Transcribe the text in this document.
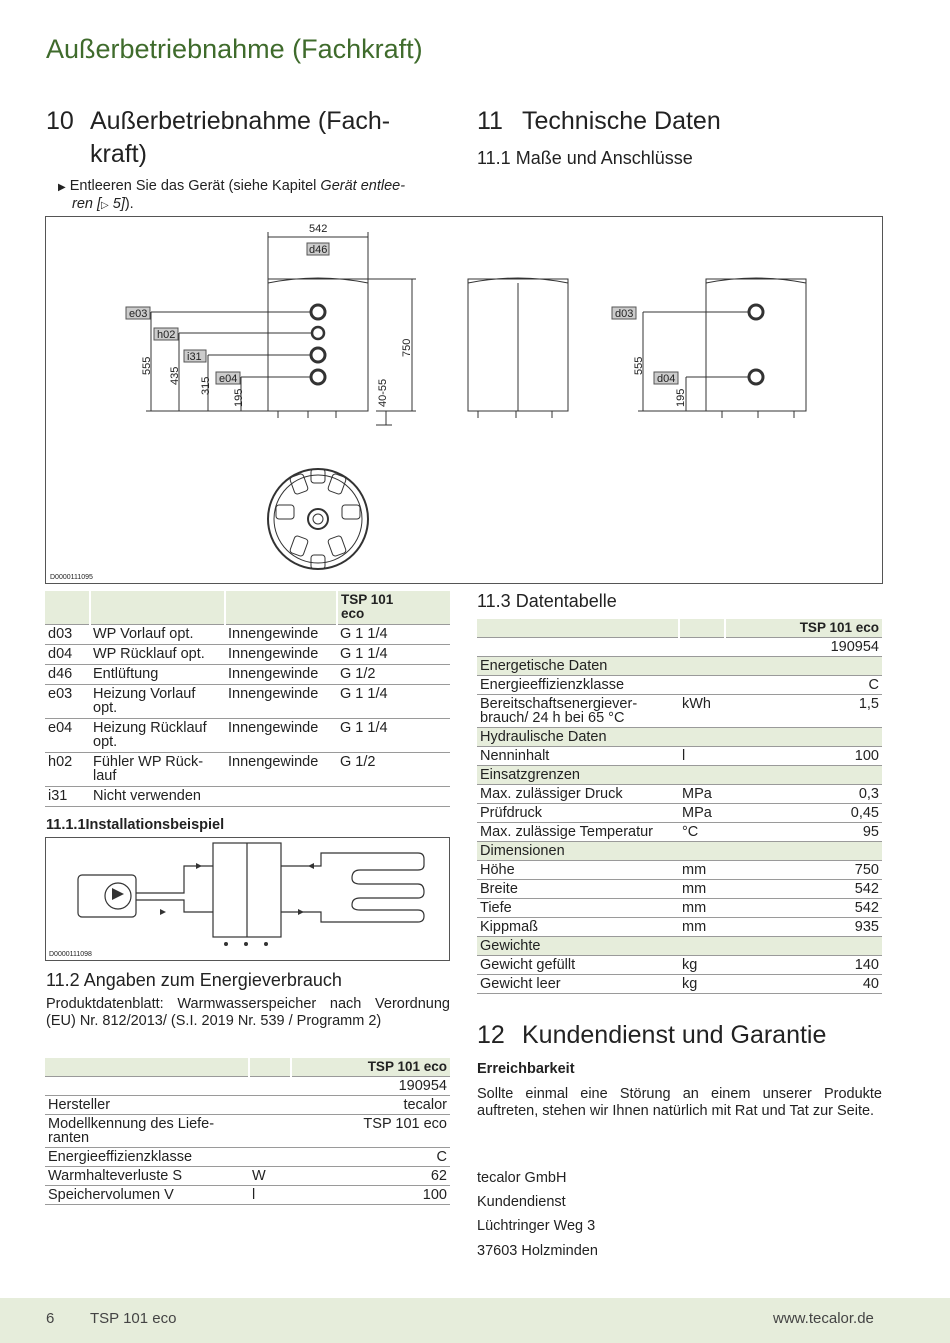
Außerbetriebnahme (Fachkraft)
10 Außerbetriebnahme (Fach-
kraft)
▶ Entleeren Sie das Gerät (siehe Kapitel Gerät entlee-
ren [▷ 5]).
11 Technische Daten
11.1 Maße und Anschlüsse
542
d46
e03
h02
i31
e04
d03
d04
555
435
315
195
750
40-55
555
195
D0000111095
			TSP 101
eco
d03	WP Vorlauf opt.	Innengewinde	G 1 1/4
d04	WP Rücklauf opt.	Innengewinde	G 1 1/4
d46	Entlüftung	Innengewinde	G 1/2
e03	Heizung Vorlauf
opt.	Innengewinde	G 1 1/4
e04	Heizung Rücklauf
opt.	Innengewinde	G 1 1/4
h02	Fühler WP Rück-
lauf	Innengewinde	G 1/2
i31	Nicht verwenden		
11.1.1Installationsbeispiel
D0000111098
11.2 Angaben zum Energieverbrauch
Produktdatenblatt: Warmwasserspeicher nach Verordnung (EU) Nr. 812/2013/ (S.I. 2019 Nr. 539 / Programm 2)
		TSP 101 eco
		190954
Hersteller		tecalor
Modellkennung des Liefe-
ranten		TSP 101 eco
Energieeffizienzklasse		C
Warmhalteverluste S	W	62
Speichervolumen V	l	100
11.3 Datentabelle
		TSP 101 eco
		190954
Energetische Daten		
Energieeffizienzklasse		C
Bereitschaftsenergiever-
brauch/ 24 h bei 65 °C	kWh	1,5
Hydraulische Daten		
Nenninhalt	l	100
Einsatzgrenzen		
Max. zulässiger Druck	MPa	0,3
Prüfdruck	MPa	0,45
Max. zulässige Temperatur	°C	95
Dimensionen		
Höhe	mm	750
Breite	mm	542
Tiefe	mm	542
Kippmaß	mm	935
Gewichte		
Gewicht gefüllt	kg	140
Gewicht leer	kg	40
12 Kundendienst und Garantie
Erreichbarkeit
Sollte einmal eine Störung an einem unserer Produkte auftreten, stehen wir Ihnen natürlich mit Rat und Tat zur Seite.
tecalor GmbH
Kundendienst
Lüchtringer Weg 3
37603 Holzminden
6 TSP 101 eco	www.tecalor.de
